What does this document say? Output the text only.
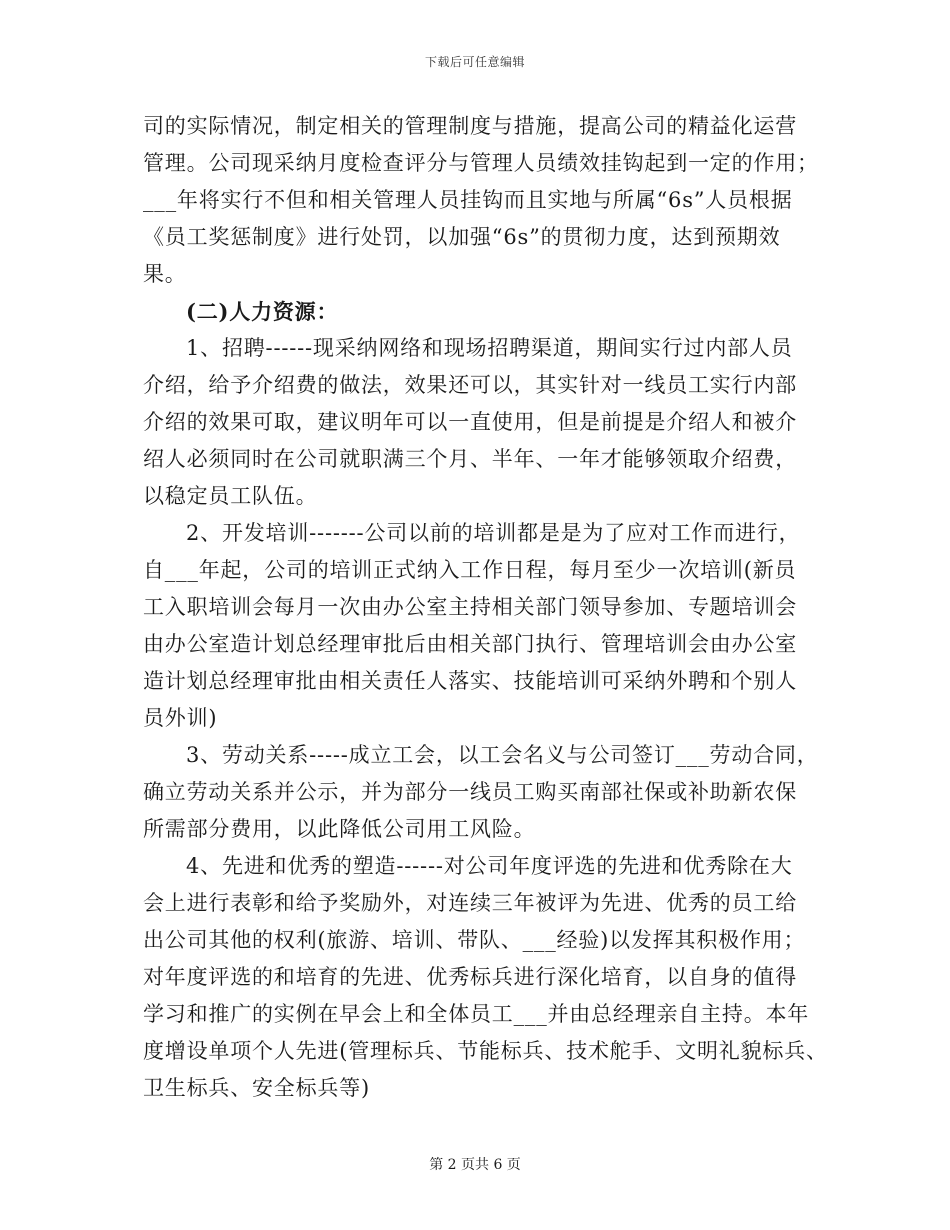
下载后可任意编辑
司的实际情况，制定相关的管理制度与措施，提高公司的精益化运营
管理。公司现采纳月度检查评分与管理人员绩效挂钩起到一定的作用；
___年将实行不但和相关管理人员挂钩而且实地与所属“6s”人员根据
《员工奖惩制度》进行处罚，以加强“6s”的贯彻力度，达到预期效
果。
(二)人力资源：
1、招聘------现采纳网络和现场招聘渠道，期间实行过内部人员
介绍，给予介绍费的做法，效果还可以，其实针对一线员工实行内部
介绍的效果可取，建议明年可以一直使用，但是前提是介绍人和被介
绍人必须同时在公司就职满三个月、半年、一年才能够领取介绍费，
以稳定员工队伍。
2、开发培训-------公司以前的培训都是是为了应对工作而进行，
自___年起，公司的培训正式纳入工作日程，每月至少一次培训(新员
工入职培训会每月一次由办公室主持相关部门领导参加、专题培训会
由办公室造计划总经理审批后由相关部门执行、管理培训会由办公室
造计划总经理审批由相关责任人落实、技能培训可采纳外聘和个别人
员外训)
3、劳动关系-----成立工会，以工会名义与公司签订___劳动合同，
确立劳动关系并公示，并为部分一线员工购买南部社保或补助新农保
所需部分费用，以此降低公司用工风险。
4、先进和优秀的塑造------对公司年度评选的先进和优秀除在大
会上进行表彰和给予奖励外，对连续三年被评为先进、优秀的员工给
出公司其他的权利(旅游、培训、带队、___经验)以发挥其积极作用；
对年度评选的和培育的先进、优秀标兵进行深化培育，以自身的值得
学习和推广的实例在早会上和全体员工___并由总经理亲自主持。本年
度增设单项个人先进(管理标兵、节能标兵、技术舵手、文明礼貌标兵、
卫生标兵、安全标兵等)
第 2 页共 6 页
